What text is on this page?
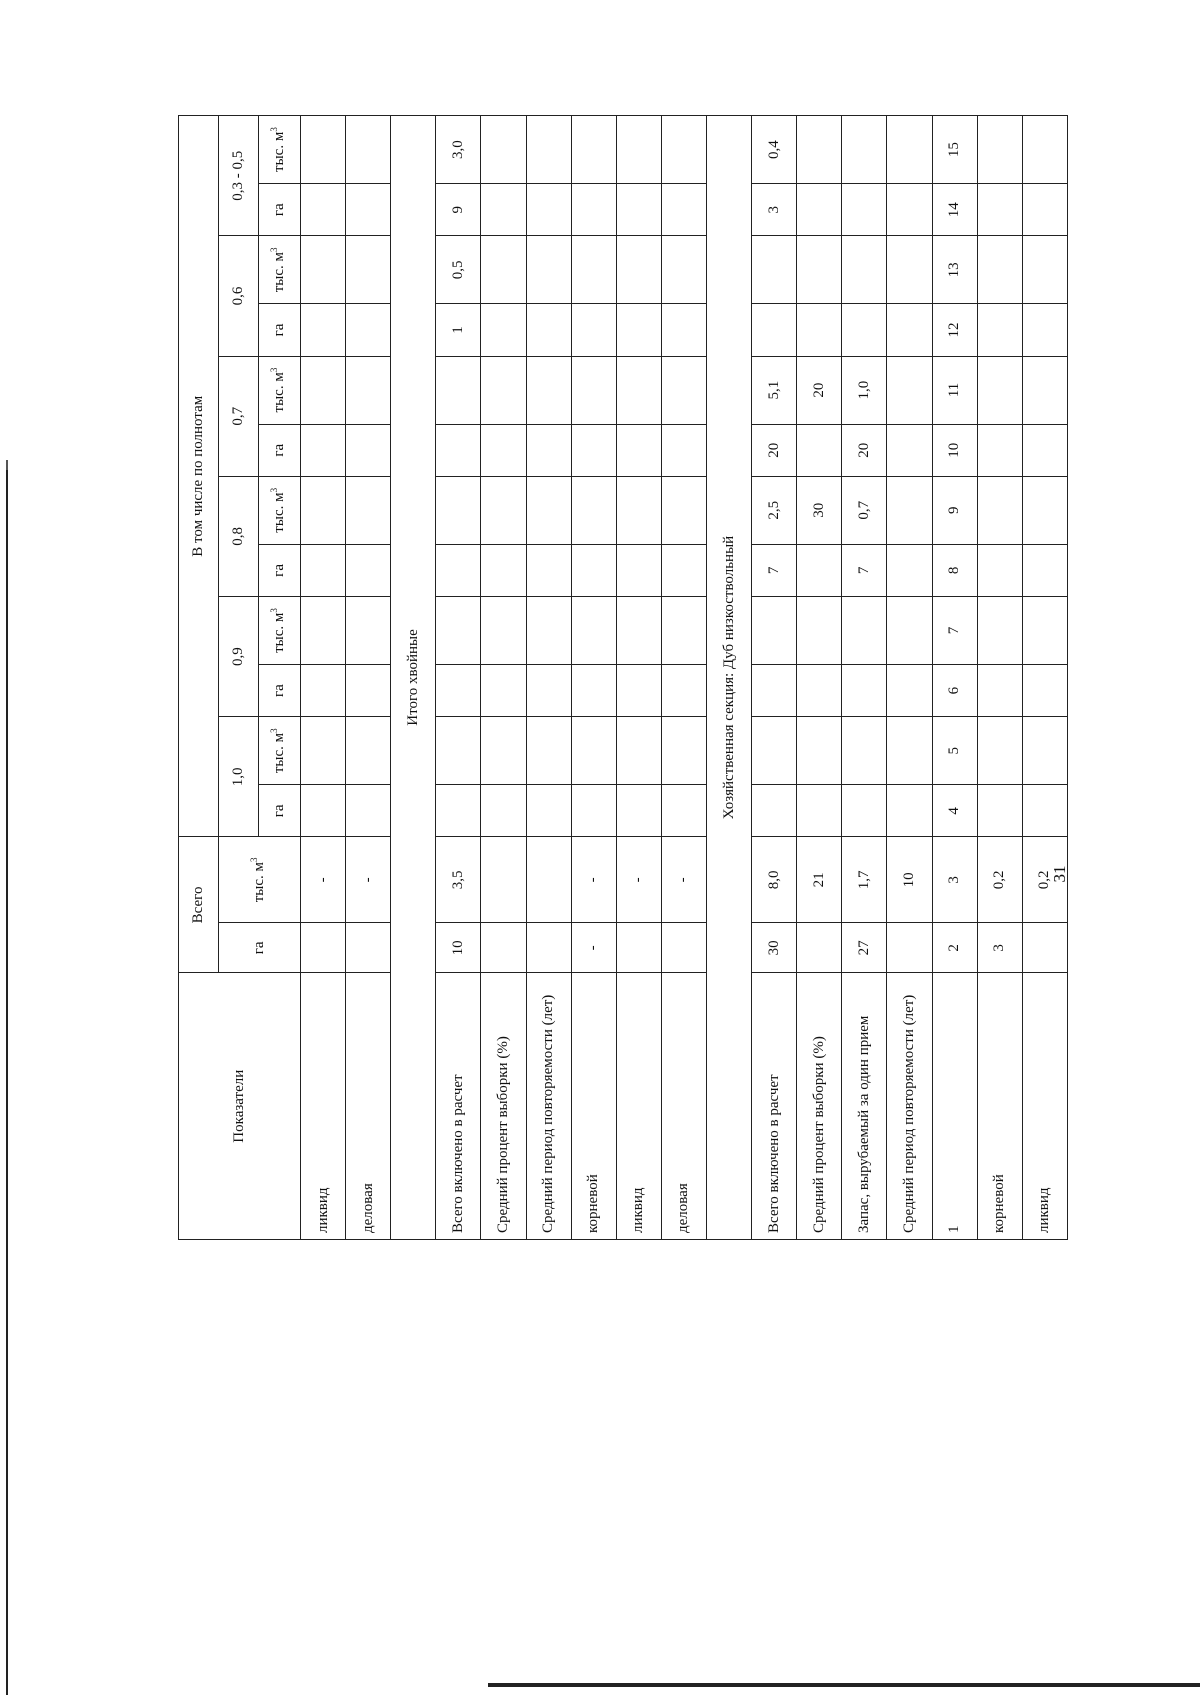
Показатели	Всего		В том числе по полнотам											
	га	тыс. $м^3$	1,0		0,9		0,8		0,7		0,6		0,3 - 0,5	
			га	тыс. $м^3$	га	тыс. $м^3$	га	тыс. $м^3$	га	тыс. $м^3$	га	тыс. $м^3$	га	тыс. $м^3$
ликвид		-												
деловая		-												
Итого хвойные														
Всего включено в расчет	10	3,5									1	0,5	9	3,0
Средний процент выборки (%)														
Средний период повторяемости (лет)														
корневой	-	-												
ликвид		-												
деловая		-												
Хозяйственная секция: Дуб низкоствольный														
Всего включено в расчет	30	8,0					7	2,5	20	5,1			3	0,4
Средний процент выборки (%)		21						30		20				
Запас, вырубаемый за один прием	27	1,7					7	0,7	20	1,0				
Средний период повторяемости (лет)		10												
1	2	3	4	5	6	7	8	9	10	11	12	13	14	15
корневой	3	0,2												
ликвид		0,2												
31
